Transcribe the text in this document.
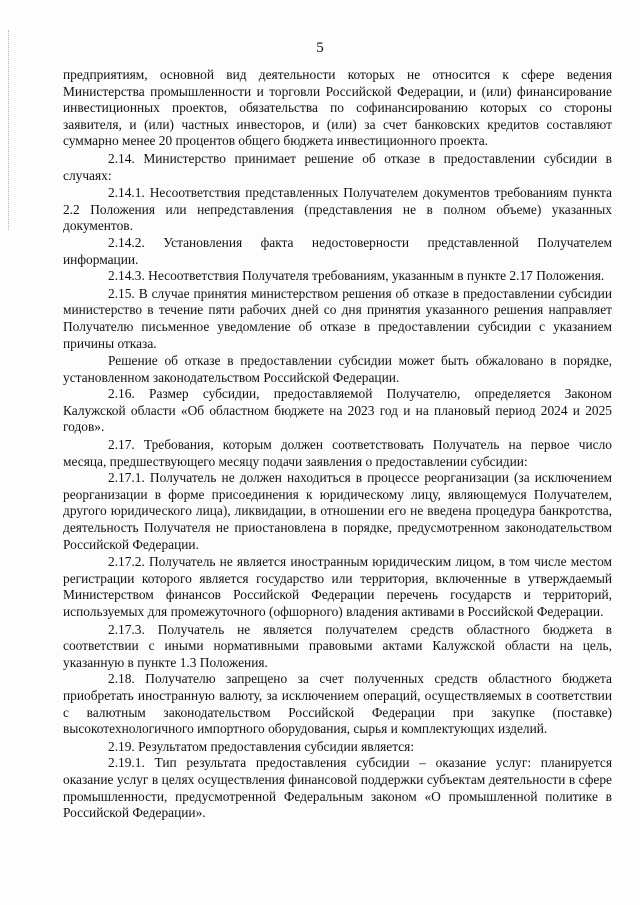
5

предприятиям, основной вид деятельности которых не относится к сфере ведения Министерства промышленности и торговли Российской Федерации, и (или) финансирование инвестиционных проектов, обязательства по софинансированию которых со стороны заявителя, и (или) частных инвесторов, и (или) за счет банковских кредитов составляют суммарно менее 20 процентов общего бюджета инвестиционного проекта.

2.14. Министерство принимает решение об отказе в предоставлении субсидии в случаях:

2.14.1. Несоответствия представленных Получателем документов требованиям пункта 2.2 Положения или непредставления (представления не в полном объеме) указанных документов.

2.14.2. Установления факта недостоверности представленной Получателем информации.

2.14.3. Несоответствия Получателя требованиям, указанным в пункте 2.17 Положения.

2.15. В случае принятия министерством решения об отказе в предоставлении субсидии министерство в течение пяти рабочих дней со дня принятия указанного решения направляет Получателю письменное уведомление об отказе в предоставлении субсидии с указанием причины отказа.

Решение об отказе в предоставлении субсидии может быть обжаловано в порядке, установленном законодательством Российской Федерации.

2.16. Размер субсидии, предоставляемой Получателю, определяется Законом Калужской области «Об областном бюджете на 2023 год и на плановый период 2024 и 2025 годов».

2.17. Требования, которым должен соответствовать Получатель на первое число месяца, предшествующего месяцу подачи заявления о предоставлении субсидии:

2.17.1. Получатель не должен находиться в процессе реорганизации (за исключением реорганизации в форме присоединения к юридическому лицу, являющемуся Получателем, другого юридического лица), ликвидации, в отношении его не введена процедура банкротства, деятельность Получателя не приостановлена в порядке, предусмотренном законодательством Российской Федерации.

2.17.2. Получатель не является иностранным юридическим лицом, в том числе местом регистрации которого является государство или территория, включенные в утверждаемый Министерством финансов Российской Федерации перечень государств и территорий, используемых для промежуточного (офшорного) владения активами в Российской Федерации.

2.17.3. Получатель не является получателем средств областного бюджета в соответствии с иными нормативными правовыми актами Калужской области на цель, указанную в пункте 1.3 Положения.

2.18. Получателю запрещено за счет полученных средств областного бюджета приобретать иностранную валюту, за исключением операций, осуществляемых в соответствии с валютным законодательством Российской Федерации при закупке (поставке) высокотехнологичного импортного оборудования, сырья и комплектующих изделий.

2.19. Результатом предоставления субсидии является:

2.19.1. Тип результата предоставления субсидии – оказание услуг: планируется оказание услуг в целях осуществления финансовой поддержки субъектам деятельности в сфере промышленности, предусмотренной Федеральным законом «О промышленной политике в Российской Федерации».
